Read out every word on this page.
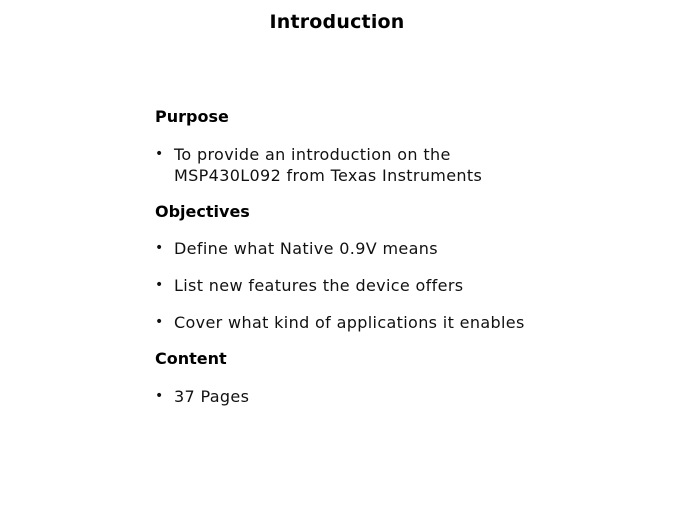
Introduction
Purpose
• To provide an introduction on the
MSP430L092 from Texas Instruments
Objectives
• Define what Native 0.9V means
• List new features the device offers
• Cover what kind of applications it enables
Content
• 37 Pages
